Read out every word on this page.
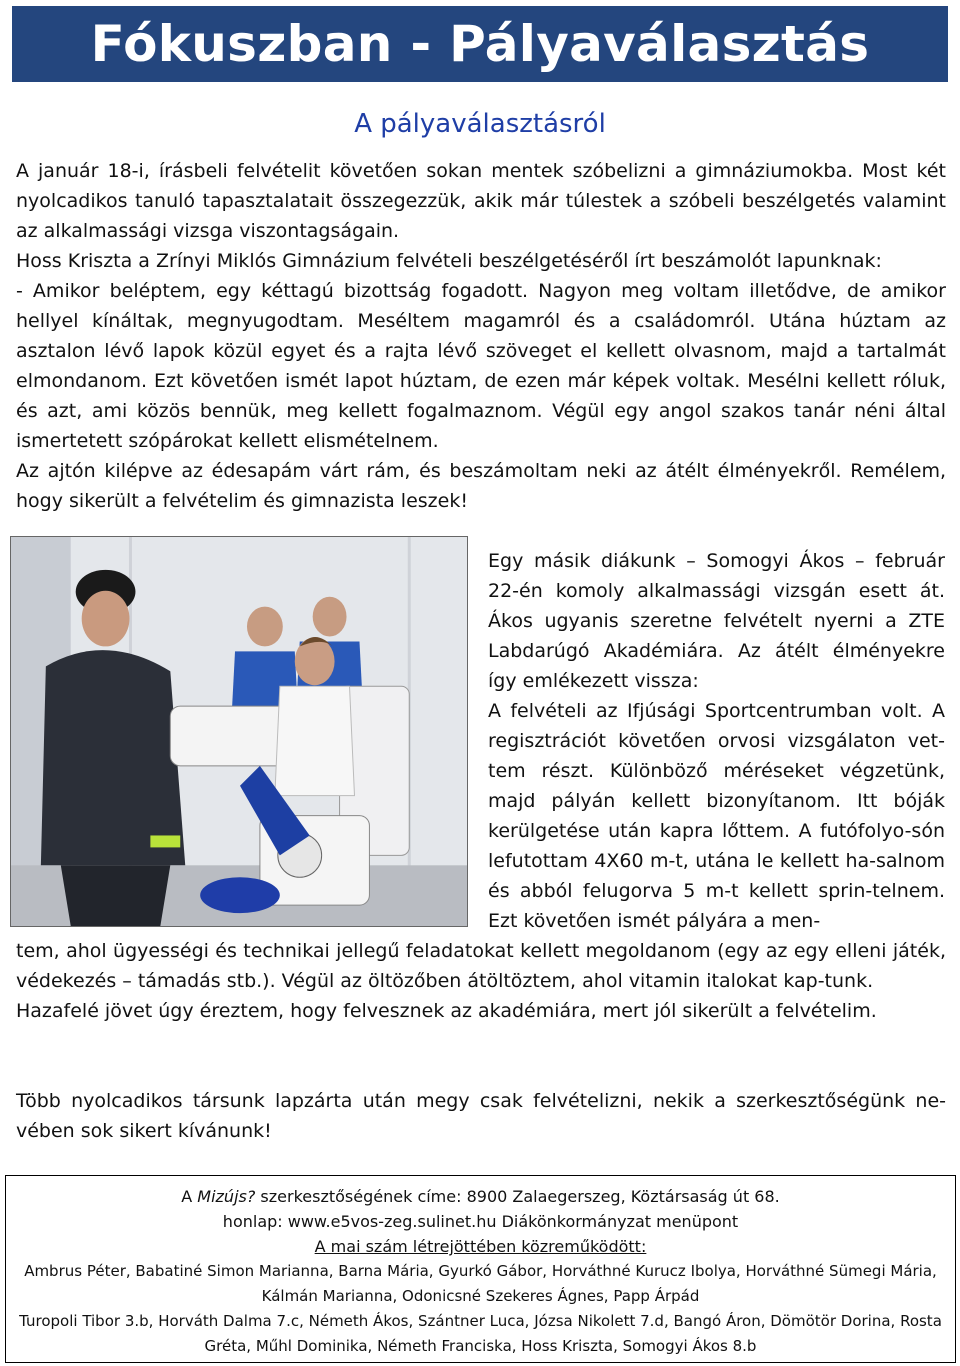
Fókuszban - Pályaválasztás
A pályaválasztásról
A január 18-i, írásbeli felvételit követően sokan mentek szóbelizni a gimnáziumokba. Most két nyolcadikos tanuló tapasztalatait összegezzük, akik már túlestek a szóbeli beszélgetés valamint az alkalmassági vizsga viszontagságain.
Hoss Kriszta a Zrínyi Miklós Gimnázium felvételi beszélgetéséről írt beszámolót lapunknak:
- Amikor beléptem, egy kéttagú bizottság fogadott. Nagyon meg voltam illetődve, de amikor hellyel kínáltak, megnyugodtam. Meséltem magamról és a családomról. Utána húztam az asztalon lévő lapok közül egyet és a rajta lévő szöveget el kellett olvasnom, majd a tartalmát elmondanom. Ezt követően ismét lapot húztam, de ezen már képek voltak. Mesélni kellett róluk, és azt, ami közös bennük, meg kellett fogalmaznom. Végül egy angol szakos tanár néni által ismertetett szópárokat kellett elismételnem.
Az ajtón kilépve az édesapám várt rám, és beszámoltam neki az átélt élményekről. Remélem, hogy sikerült a felvételim és gimnazista leszek!
Egy másik diákunk – Somogyi Ákos – február 22-én komoly alkalmassági vizsgán esett át. Ákos ugyanis szeretne felvételt nyerni a ZTE Labdarúgó Akadémiára. Az átélt élményekre így emlékezett vissza:
A felvételi az Ifjúsági Sportcentrumban volt. A regisztrációt követően orvosi vizsgálaton vet-tem részt. Különböző méréseket végzetünk, majd pályán kellett bizonyítanom. Itt bóják kerülgetése után kapra lőttem. A futófolyo-són lefutottam 4X60 m-t, utána le kellett ha-salnom és abból felugorva 5 m-t kellett sprin-telnem. Ezt követően ismét pályára a men-
tem, ahol ügyességi és technikai jellegű feladatokat kellett megoldanom (egy az egy elleni játék, védekezés – támadás stb.). Végül az öltözőben átöltöztem, ahol vitamin italokat kap-tunk.
Hazafelé jövet úgy éreztem, hogy felvesznek az akadémiára, mert jól sikerült a felvételim.
Több nyolcadikos társunk lapzárta után megy csak felvételizni, nekik a szerkesztőségünk ne-vében sok sikert kívánunk!
A Mizújs? szerkesztőségének címe: 8900 Zalaegerszeg, Köztársaság út 68.
honlap: www.e5vos-zeg.sulinet.hu Diákönkormányzat menüpont
A mai szám létrejöttében közreműködött:
Ambrus Péter, Babatiné Simon Marianna, Barna Mária, Gyurkó Gábor, Horváthné Kurucz Ibolya, Horváthné Sümegi Mária, Kálmán Marianna, Odonicsné Szekeres Ágnes, Papp Árpád
Turopoli Tibor 3.b, Horváth Dalma 7.c, Németh Ákos, Szántner Luca, Józsa Nikolett 7.d, Bangó Áron, Dömötör Dorina, Rosta Gréta, Műhl Dominika, Németh Franciska, Hoss Kriszta, Somogyi Ákos 8.b
